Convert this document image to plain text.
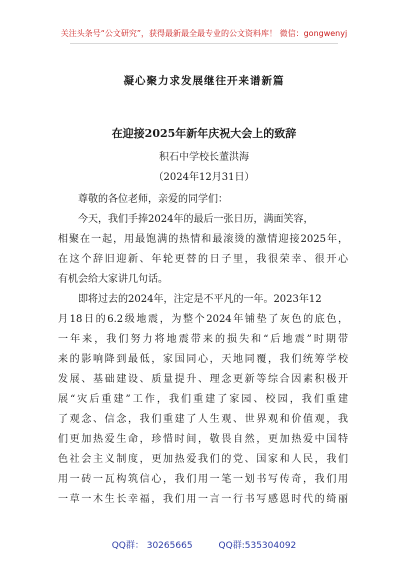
关注头条号“公文研究”，获得最新最全最专业的公文资料库！ 微信：gongwenyj
凝心聚力求发展继往开来谱新篇
在迎接2025年新年庆祝大会上的致辞
积石中学校长董洪海
（2024年12月31日）
尊敬的各位老师，亲爱的同学们：
今天，我们手捧2024年的最后一张日历，满面笑容，
相聚在一起，用最饱满的热情和最滚烫的激情迎接2025年，
在这个辞旧迎新、年轮更替的日子里，我很荣幸、很开心
有机会给大家讲几句话。
即将过去的2024年，注定是不平凡的一年。2023年12
月18日的6.2级地震，为整个2024年铺垫了灰色的底色，
一年来，我们努力将地震带来的损失和“后地震”时期带
来的影响降到最低，家国同心，天地同覆，我们统筹学校
发展、基础建设、质量提升、理念更新等综合因素积极开
展“灾后重建”工作，我们重建了家园、校园，我们重建
了观念、信念，我们重建了人生观、世界观和价值观，我
们更加热爱生命，珍惜时间，敬畏自然，更加热爱中国特
色社会主义制度，更加热爱我们的党、国家和人民，我们
用一砖一瓦构筑信心，我们用一笔一划书写传奇，我们用
一草一木生长幸福，我们用一言一行书写感恩时代的绮丽
QQ群： 30265665	QQ群:535304092
